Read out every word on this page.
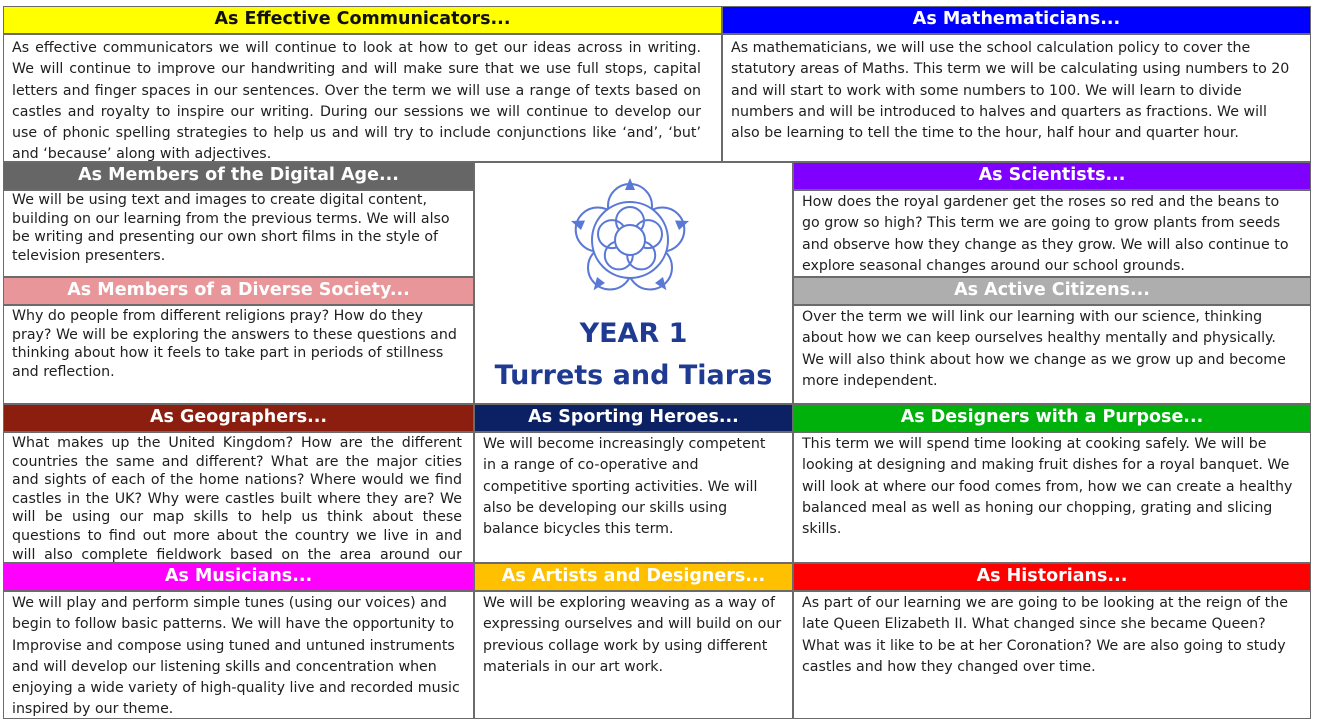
As Effective Communicators...
As effective communicators we will continue to look at how to get our ideas across in writing. We will continue to improve our handwriting and will make sure that we use full stops, capital letters and finger spaces in our sentences. Over the term we will use a range of texts based on castles and royalty to inspire our writing. During our sessions we will continue to develop our use of phonic spelling strategies to help us and will try to include conjunctions like ‘and’, ‘but’ and ‘because’ along with adjectives.
As Mathematicians...
As mathematicians, we will use the school calculation policy to cover the statutory areas of Maths. This term we will be calculating using numbers to 20 and will start to work with some numbers to 100. We will learn to divide numbers and will be introduced to halves and quarters as fractions. We will also be learning to tell the time to the hour, half hour and quarter hour.
As Members of the Digital Age...
We will be using text and images to create digital content, building on our learning from the previous terms. We will also be writing and presenting our own short films in the style of television presenters.
As Scientists...
How does the royal gardener get the roses so red and the beans to go grow so high? This term we are going to grow plants from seeds and observe how they change as they grow. We will also continue to explore seasonal changes around our school grounds.
As Members of a Diverse Society...
Why do people from different religions pray? How do they pray? We will be exploring the answers to these questions and thinking about how it feels to take part in periods of stillness and reflection.
As Active Citizens...
Over the term we will link our learning with our science, thinking about how we can keep ourselves healthy mentally and physically. We will also think about how we change as we grow up and become more independent.
YEAR 1
Turrets and Tiaras
As Geographers...
What makes up the United Kingdom? How are the different countries the same and different? What are the major cities and sights of each of the home nations? Where would we find castles in the UK? Why were castles built where they are? We will be using our map skills to help us think about these questions to find out more about the country we live in and will also complete fieldwork based on the area around our
As Sporting Heroes...
We will become increasingly competent in a range of co-operative and competitive sporting activities. We will also be developing our skills using balance bicycles this term.
As Designers with a Purpose...
This term we will spend time looking at cooking safely. We will be looking at designing and making fruit dishes for a royal banquet. We will look at where our food comes from, how we can create a healthy balanced meal as well as honing our chopping, grating and slicing skills.
As Musicians...
We will play and perform simple tunes (using our voices) and begin to follow basic patterns. We will have the opportunity to Improvise and compose using tuned and untuned instruments and will develop our listening skills and concentration when enjoying a wide variety of high-quality live and recorded music inspired by our theme.
As Artists and Designers...
We will be exploring weaving as a way of expressing ourselves and will build on our previous collage work by using different materials in our art work.
As Historians...
As part of our learning we are going to be looking at the reign of the late Queen Elizabeth II. What changed since she became Queen? What was it like to be at her Coronation? We are also going to study castles and how they changed over time.
